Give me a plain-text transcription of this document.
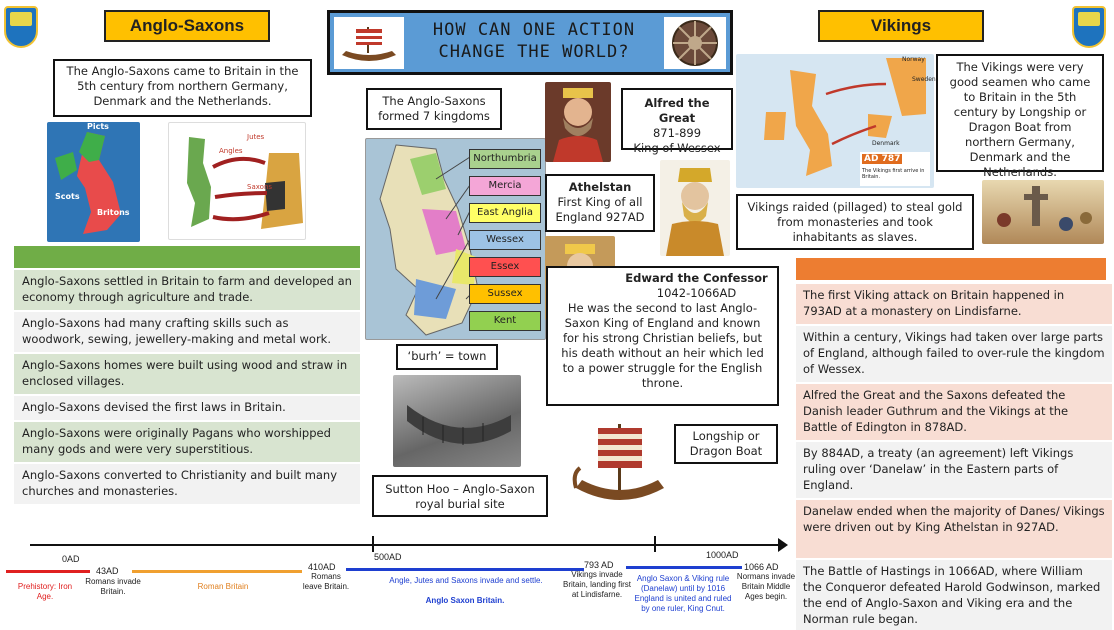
Anglo-Saxons	Vikings
HOW CAN ONE ACTION
CHANGE THE WORLD?
The Anglo-Saxons came to Britain in the 5th century from northern Germany, Denmark and the Netherlands.
Picts
Scots
Britons
Angles
Jutes
Saxons
Anglo-Saxons settled in Britain to farm and developed an economy through agriculture and trade.
Anglo-Saxons had many crafting skills such as woodwork, sewing, jewellery-making and metal work.
Anglo-Saxons homes were built using wood and straw in enclosed villages.
Anglo-Saxons devised the first laws in Britain.
Anglo-Saxons were originally Pagans who worshipped many gods and were very superstitious.
Anglo-Saxons converted to Christianity and built many churches and monasteries.
The Anglo-Saxons formed 7 kingdoms
Northumbria
Mercia
East Anglia
Wessex
Essex
Sussex
Kent
‘burh’ = town
Sutton Hoo – Anglo-Saxon royal burial site
Alfred the Great
871-899
King of Wessex
Athelstan
First King of all England 927AD
Edward the Confessor
1042-1066AD
He was the second to last Anglo-Saxon King of England and known for his strong Christian beliefs, but his death without an heir which led to a power struggle for the English throne.
Longship or Dragon Boat
Norway
Sweden
Denmark
AD 787
The Vikings first arrive in Britain.
The Vikings were very good seamen who came to Britain in the 5th century by Longship or Dragon Boat from northern Germany, Denmark and the Netherlands.
Vikings raided (pillaged) to steal gold from monasteries and took inhabitants as slaves.
The first Viking attack on Britain happened in 793AD at a monastery on Lindisfarne.
Within a century, Vikings had taken over large parts of England, although failed to over-rule the kingdom of Wessex.
Alfred the Great and the Saxons defeated the Danish leader Guthrum and the Vikings at the Battle of Edington in 878AD.
By 884AD, a treaty (an agreement) left Vikings ruling over ‘Danelaw’ in the Eastern parts of England.
Danelaw ended when the majority of Danes/ Vikings were driven out by King Athelstan in 927AD.
The Battle of Hastings in 1066AD, where William the Conqueror defeated Harold Godwinson, marked the end of Anglo-Saxon and Viking era and the Norman rule began.
0AD
43AD	410AD
500AD
793 AD
1000AD
1066 AD
Prehistory: Iron Age.
Romans invade Britain.
Roman Britain
Romans leave Britain.
Angle, Jutes and Saxons invade and settle.
Anglo Saxon Britain.
Vikings invade Britain, landing first at Lindisfarne.
Anglo Saxon & Viking rule (Danelaw) until by 1016 England is united and ruled by one ruler, King Cnut.
Normans invade Britain Middle Ages begin.
